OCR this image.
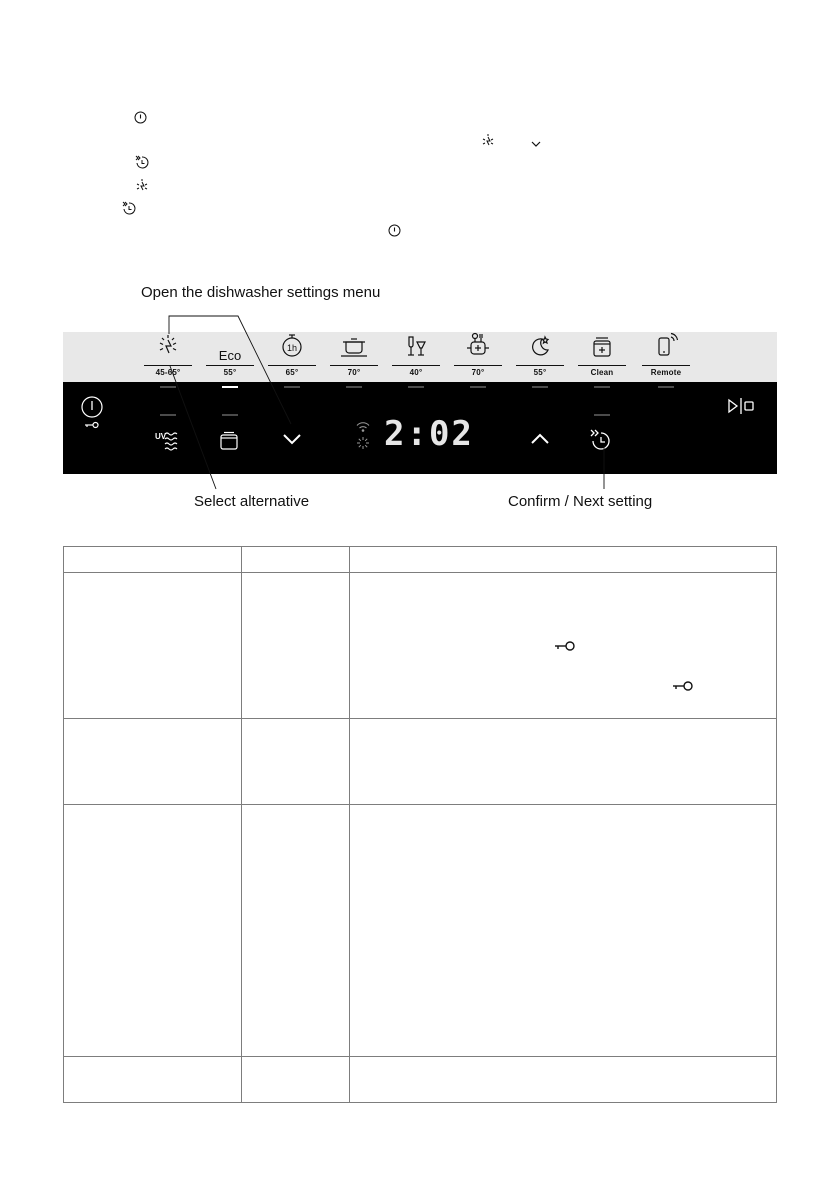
Open the dishwasher settings menu
Select alternative	Confirm / Next setting
45-65°
Eco
55°
1h
65°	70°	40°	70°	55°	Clean	Remote
UV	2:02
